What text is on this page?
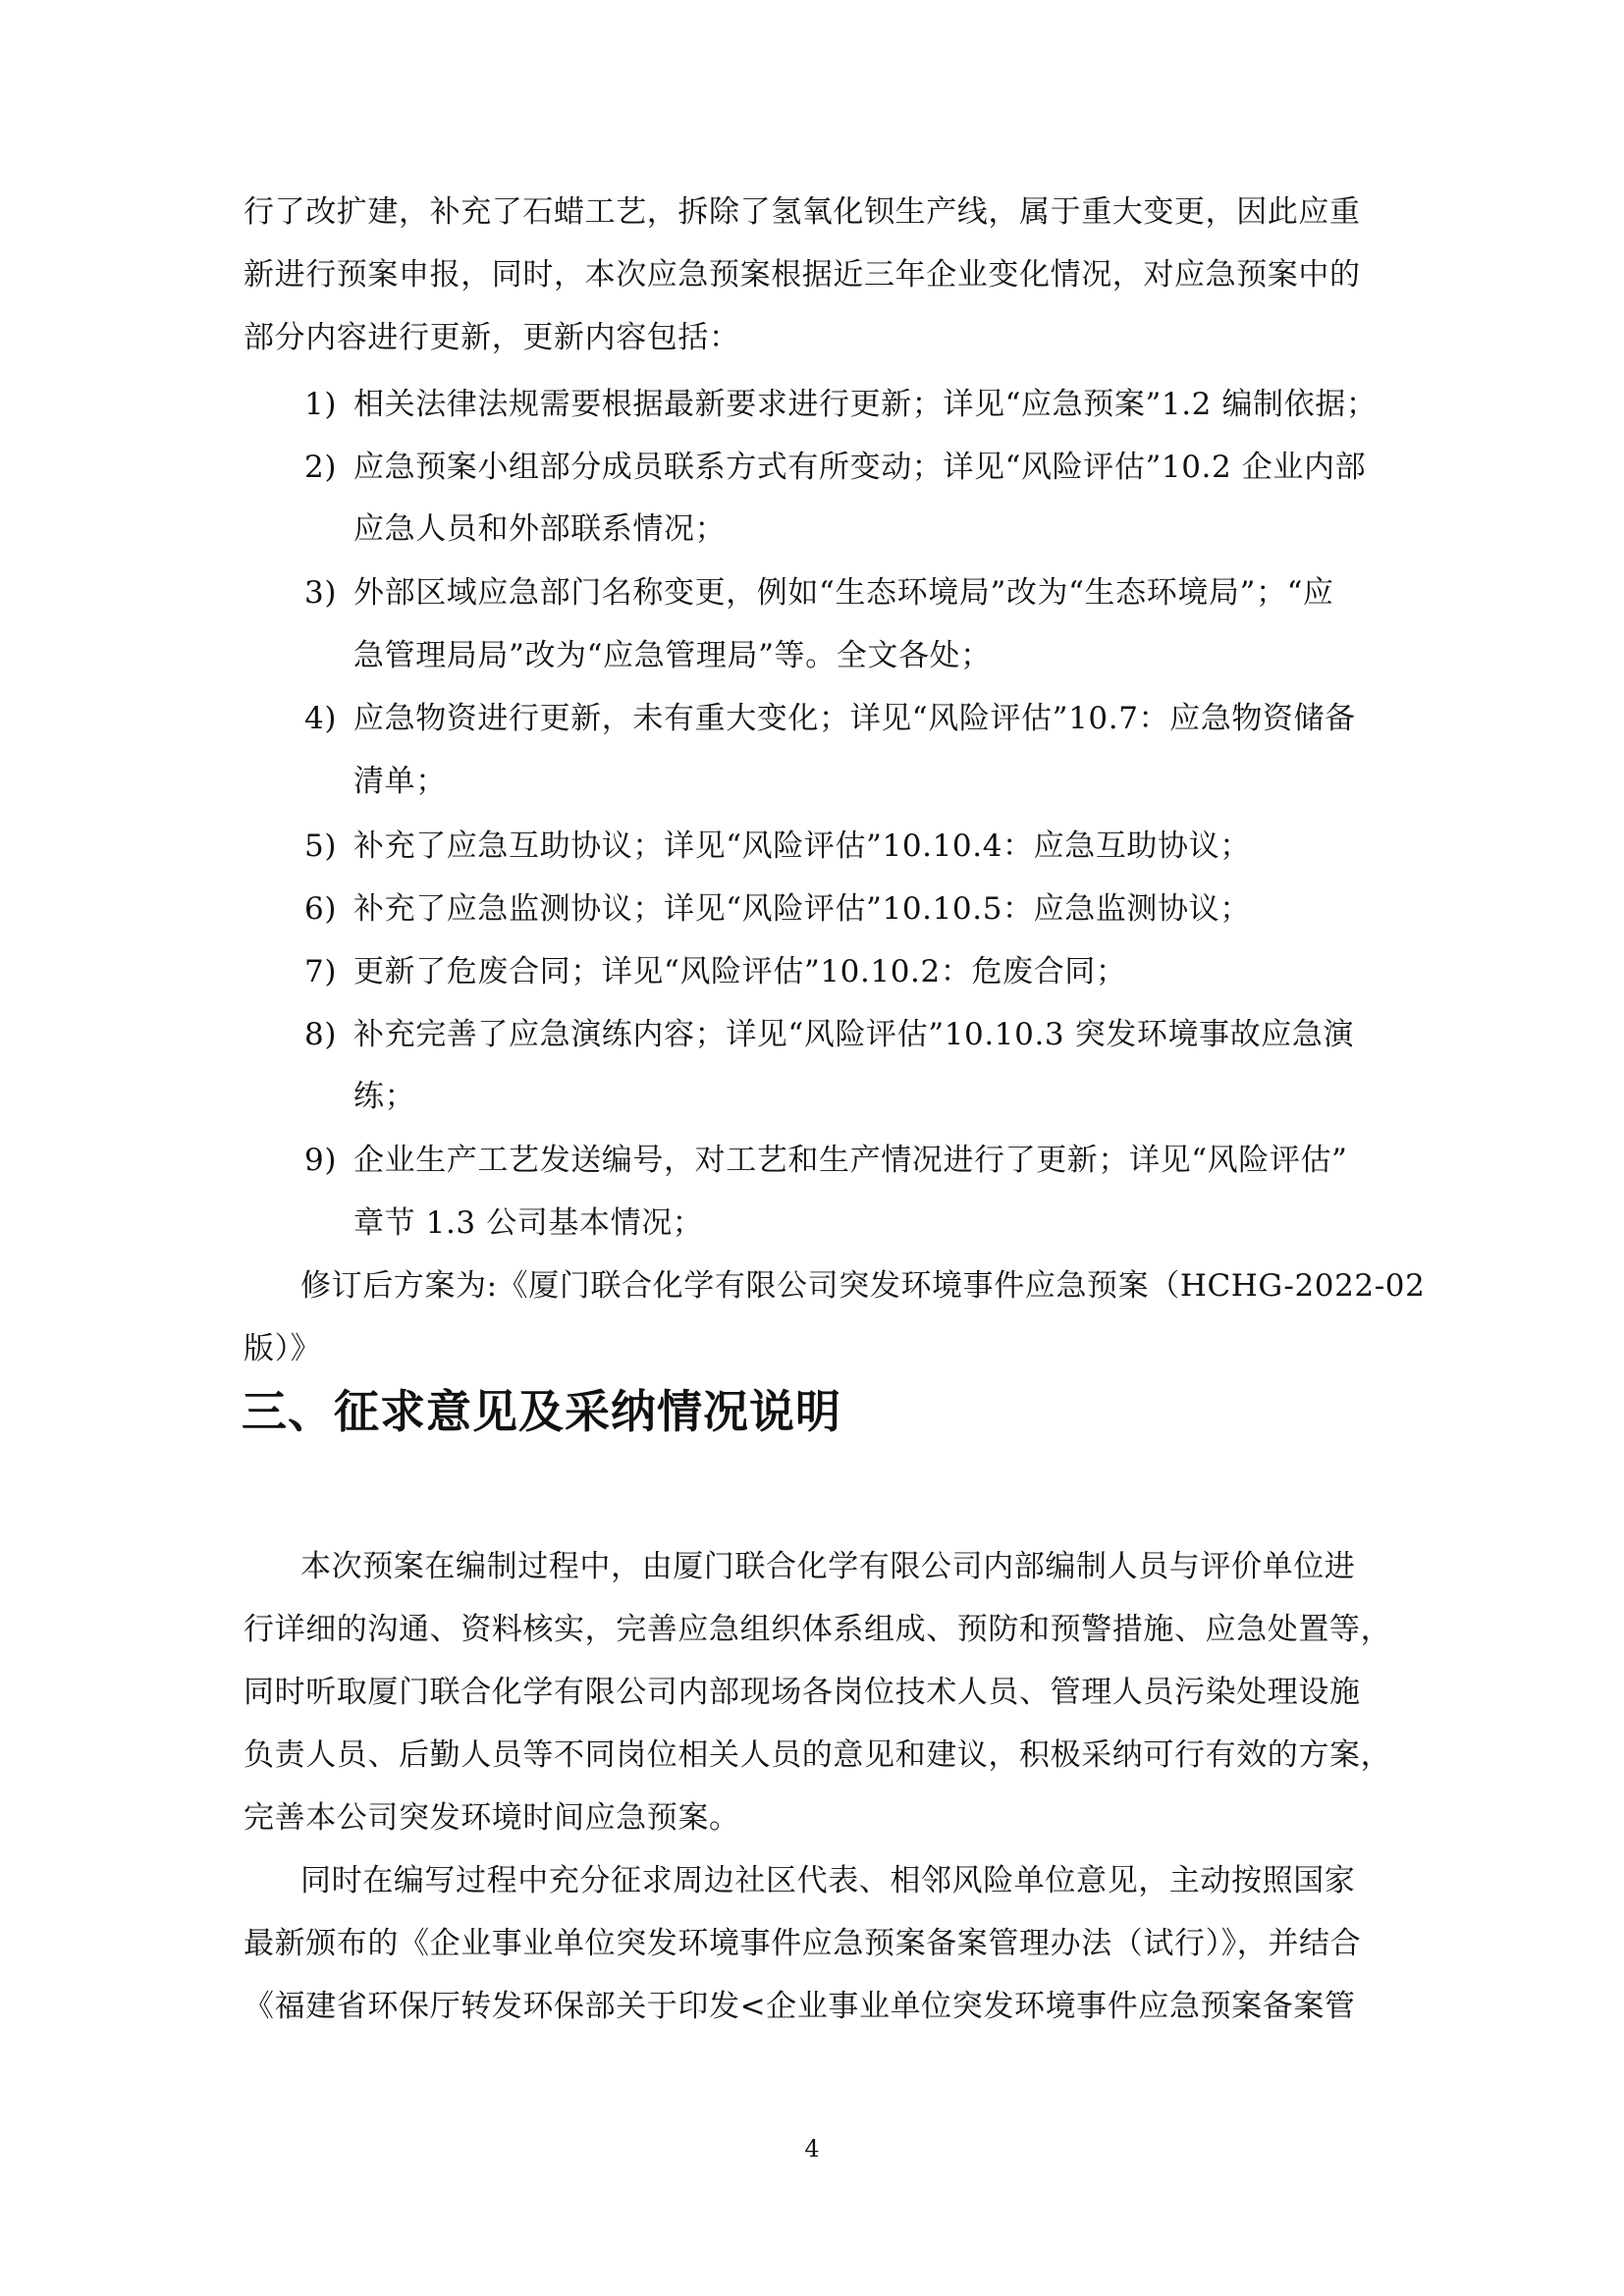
行了改扩建，补充了石蜡工艺，拆除了氢氧化钡生产线，属于重大变更，因此应重
新进行预案申报，同时，本次应急预案根据近三年企业变化情况，对应急预案中的
部分内容进行更新，更新内容包括：
1) 相关法律法规需要根据最新要求进行更新；详见“应急预案”1.2 编制依据；
2) 应急预案小组部分成员联系方式有所变动；详见“风险评估”10.2 企业内部
应急人员和外部联系情况；
3) 外部区域应急部门名称变更，例如“生态环境局”改为“生态环境局”；“应
急管理局局”改为“应急管理局”等。全文各处；
4) 应急物资进行更新，未有重大变化；详见“风险评估”10.7：应急物资储备
清单；
5) 补充了应急互助协议；详见“风险评估”10.10.4：应急互助协议；
6) 补充了应急监测协议；详见“风险评估”10.10.5：应急监测协议；
7) 更新了危废合同；详见“风险评估”10.10.2：危废合同；
8) 补充完善了应急演练内容；详见“风险评估”10.10.3 突发环境事故应急演
练；
9) 企业生产工艺发送编号，对工艺和生产情况进行了更新；详见“风险评估”
章节 1.3 公司基本情况；
修订后方案为:《厦门联合化学有限公司突发环境事件应急预案（HCHG-2022-02
版）》
三、征求意见及采纳情况说明
本次预案在编制过程中，由厦门联合化学有限公司内部编制人员与评价单位进
行详细的沟通、资料核实，完善应急组织体系组成、预防和预警措施、应急处置等，
同时听取厦门联合化学有限公司内部现场各岗位技术人员、管理人员污染处理设施
负责人员、后勤人员等不同岗位相关人员的意见和建议，积极采纳可行有效的方案，
完善本公司突发环境时间应急预案。
同时在编写过程中充分征求周边社区代表、相邻风险单位意见，主动按照国家
最新颁布的《企业事业单位突发环境事件应急预案备案管理办法（试行）》，并结合
《福建省环保厅转发环保部关于印发<企业事业单位突发环境事件应急预案备案管
4
